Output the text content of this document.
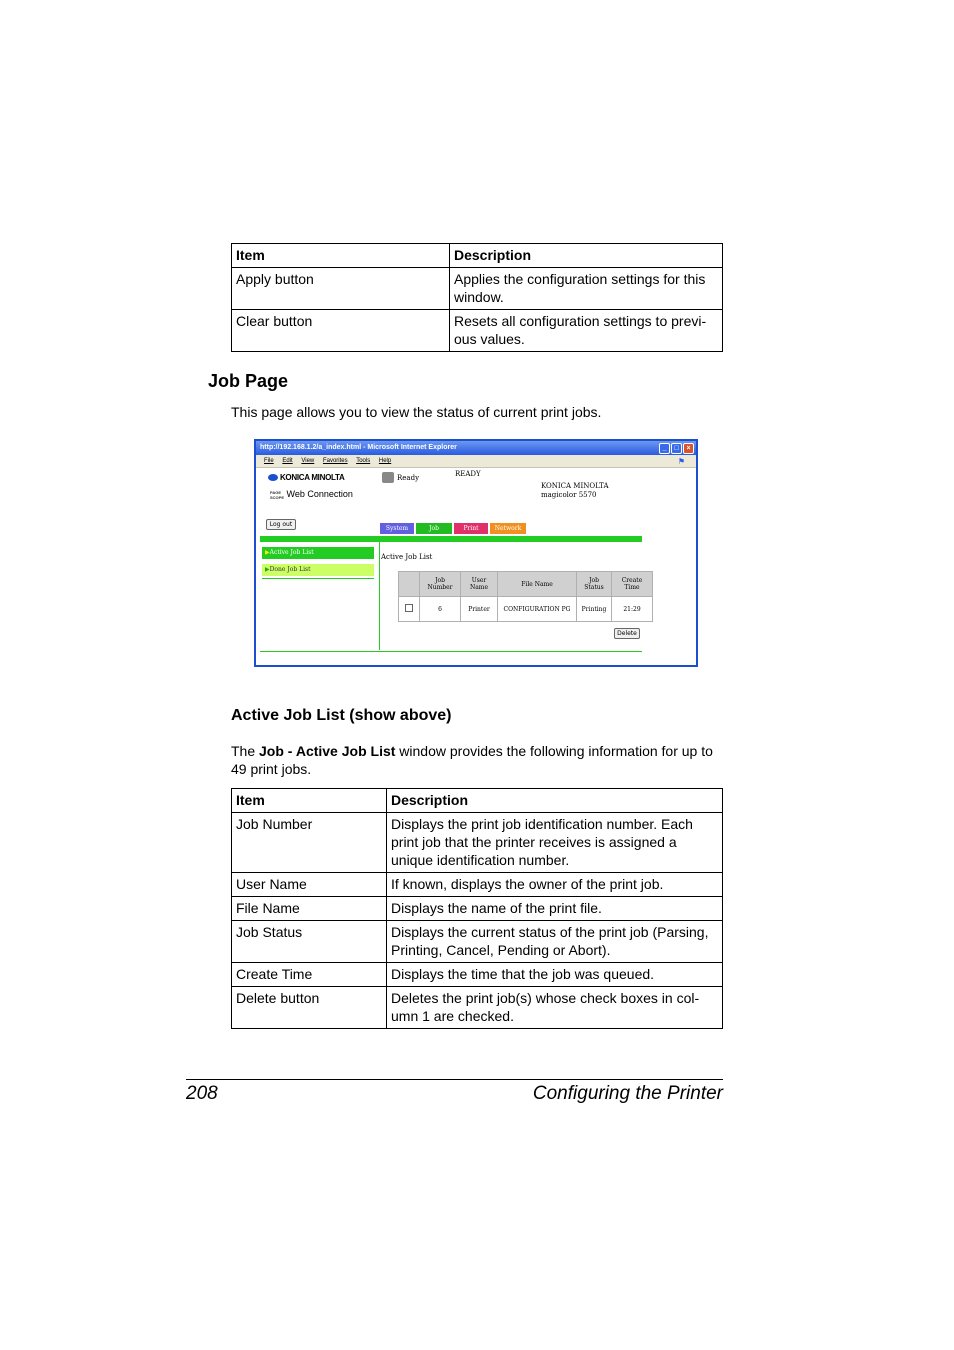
Item	Description
Apply button	Applies the configuration settings for this window.
Clear button	Resets all configuration settings to previ-ous values.
Job Page

This page allows you to view the status of current print jobs.

http://192.168.1.2/a_index.html - Microsoft Internet Explorer	_	□	×
File Edit View Favorites Tools Help	⚑
KONICA MINOLTA
PAGE SCOPE Web Connection
Ready	READY
KONICA MINOLTA
magicolor 5570
Log out
System	Job	Print	Network
▶Active Job List
▶Done Job List
Active Job List
	Job Number	User Name	File Name	Job Status	Create Time
	6	Printer	CONFIGURATION PG	Printing	21:29
Delete
Active Job List (show above)

The Job - Active Job List window provides the following information for up to 49 print jobs.

Item	Description
Job Number	Displays the print job identification number. Each print job that the printer receives is assigned a unique identification number.
User Name	If known, displays the owner of the print job.
File Name	Displays the name of the print file.
Job Status	Displays the current status of the print job (Parsing, Printing, Cancel, Pending or Abort).
Create Time	Displays the time that the job was queued.
Delete button	Deletes the print job(s) whose check boxes in col-umn 1 are checked.
208	Configuring the Printer
